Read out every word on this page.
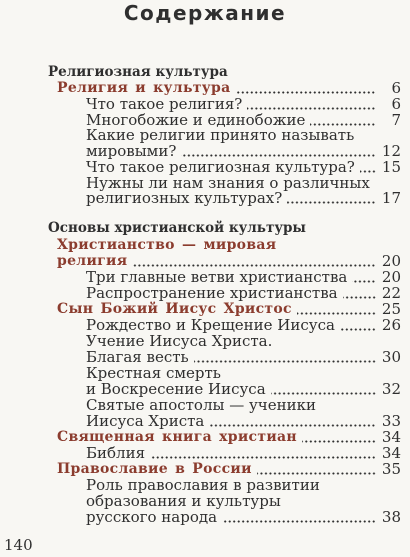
Содержание
Религиозная культура
Религия и культура	6
Что такое религия?	6
Многобожие и единобожие	7
Какие религии принято называть
мировыми?	12
Что такое религиозная культура? 15
Нужны ли нам знания о различных
религиозных культурах?	17
Основы христианской культуры
Христианство — мировая
религия	20
Три главные ветви христианства 20
Распространение христианства	22
Сын Божий Иисус Христос	25
Рождество и Крещение Иисуса	26
Учение Иисуса Христа.
Благая весть	30
Крестная смерть
и Воскресение Иисуса	32
Святые апостолы — ученики
Иисуса Христа	33
Священная книга христиан	34
Библия	34
Православие в России	35
Роль православия в развитии
образования и культуры
русского народа	38
140
